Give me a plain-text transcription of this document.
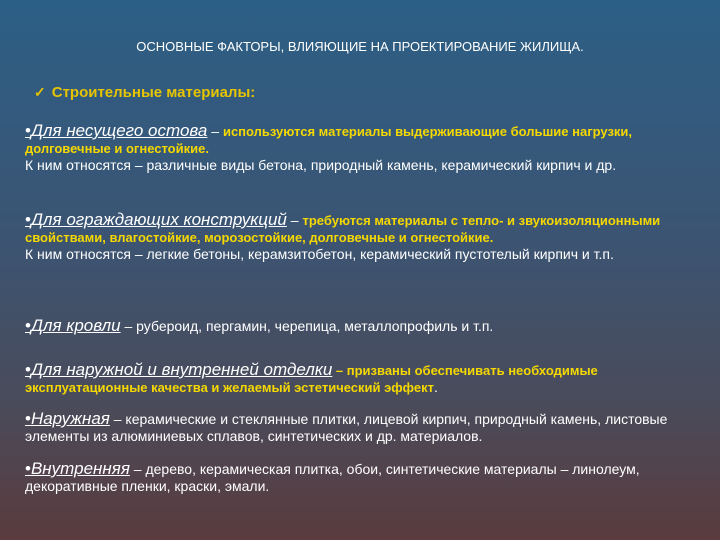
ОСНОВНЫЕ ФАКТОРЫ, ВЛИЯЮЩИЕ НА ПРОЕКТИРОВАНИЕ ЖИЛИЩА.
✓ Строительные материалы:
•Для несущего остова – используются материалы выдерживающие большие нагрузки, долговечные и огнестойкие.
К ним относятся – различные виды бетона, природный камень, керамический кирпич и др.
•Для ограждающих конструкций – требуются материалы с тепло- и звукоизоляционными свойствами, влагостойкие, морозостойкие, долговечные и огнестойкие.
К ним относятся – легкие бетоны, керамзитобетон, керамический пустотелый кирпич и т.п.
•Для кровли – рубероид, пергамин, черепица, металлопрофиль и т.п.
•Для наружной и внутренней отделки – призваны обеспечивать необходимые эксплуатационные качества и желаемый эстетический эффект.
•Наружная – керамические и стеклянные плитки, лицевой кирпич, природный камень, листовые элементы из алюминиевых сплавов, синтетических и др. материалов.
•Внутренняя – дерево, керамическая плитка, обои, синтетические материалы – линолеум, декоративные пленки, краски, эмали.
